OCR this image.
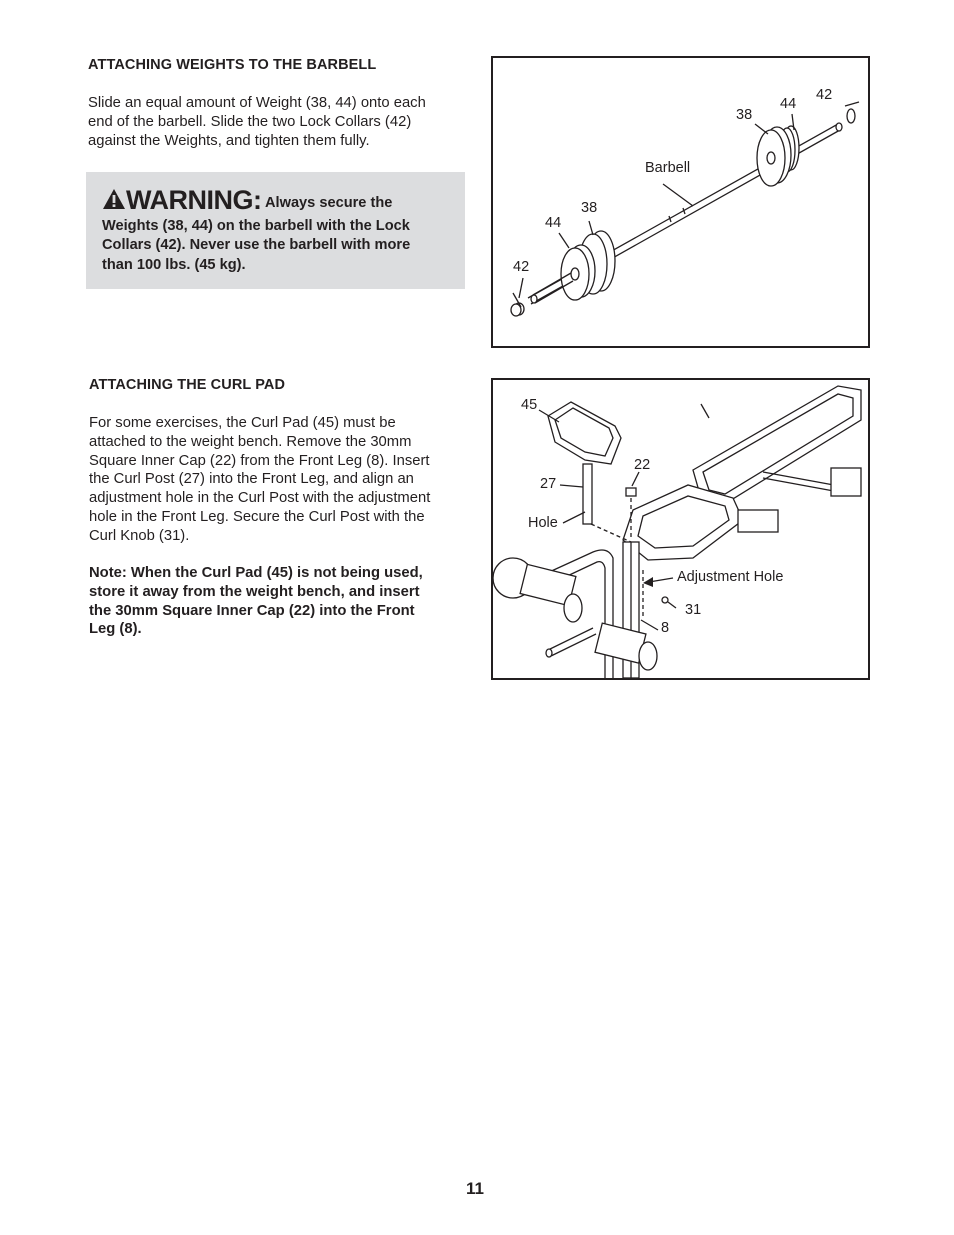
ATTACHING WEIGHTS TO THE BARBELL
Slide an equal amount of Weight (38, 44) onto each
end of the barbell. Slide the two Lock Collars (42)
against the Weights, and tighten them fully.
WARNING: Always secure the
Weights (38, 44) on the barbell with the Lock
Collars (42). Never use the barbell with more
than 100 lbs. (45 kg).
Barbell
42
44
38
38
44
42
ATTACHING THE CURL PAD
For some exercises, the Curl Pad (45) must be
attached to the weight bench. Remove the 30mm
Square Inner Cap (22) from the Front Leg (8). Insert
the Curl Post (27) into the Front Leg, and align an
adjustment hole in the Curl Post with the adjustment
hole in the Front Leg. Secure the Curl Post with the
Curl Knob (31).
Note: When the Curl Pad (45) is not being used,
store it away from the weight bench, and insert
the 30mm Square Inner Cap (22) into the Front
Leg (8).
45
27
Hole
22
Adjustment Hole
31
8
11
